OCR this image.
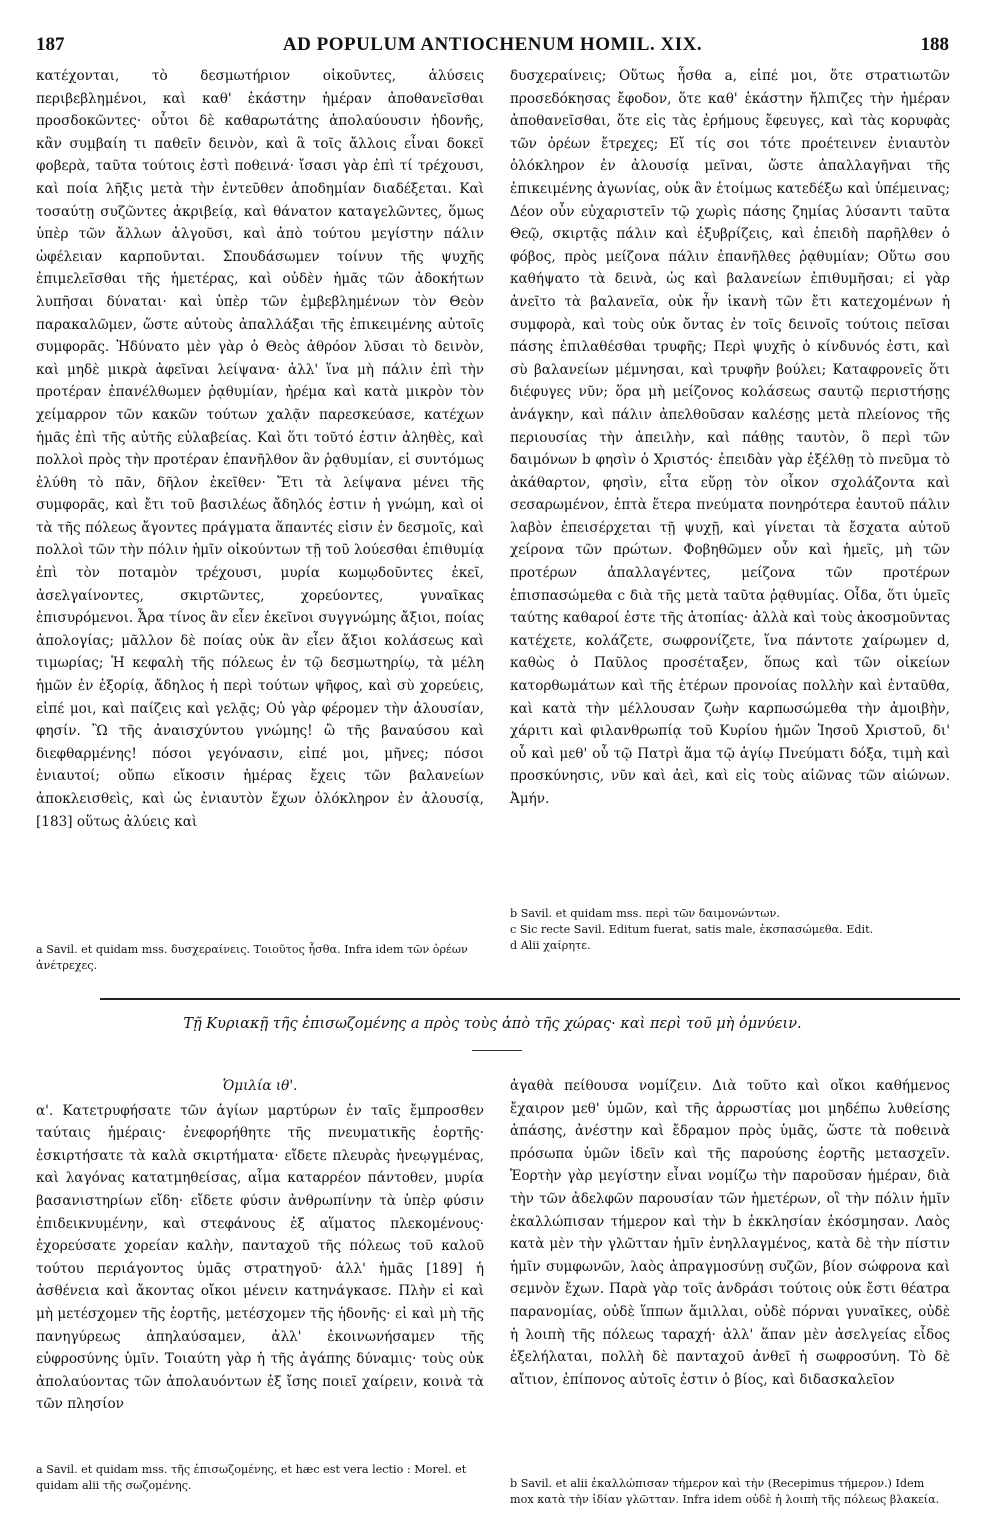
187	AD POPULUM ANTIOCHENUM HOMIL. XIX.	188

κατέχονται, τὸ δεσμωτήριον οἰκοῦντες, ἁλύσεις περιβεβλημένοι, καὶ καθ' ἑκάστην ἡμέραν ἀποθανεῖσθαι προσδοκῶντες· οὗτοι δὲ καθαρωτάτης ἀπολαύουσιν ἡδονῆς, κἂν συμβαίη τι παθεῖν δεινὸν, καὶ ἃ τοῖς ἄλλοις εἶναι δοκεῖ φοβερὰ, ταῦτα τούτοις ἐστὶ ποθεινά· ἴσασι γὰρ ἐπὶ τί τρέχουσι, καὶ ποία λῆξις μετὰ τὴν ἐντεῦθεν ἀποδημίαν διαδέξεται. Καὶ τοσαύτῃ συζῶντες ἀκριβείᾳ, καὶ θάνατον καταγελῶντες, ὅμως ὑπὲρ τῶν ἄλλων ἀλγοῦσι, καὶ ἀπὸ τούτου μεγίστην πάλιν ὠφέλειαν καρποῦνται. Σπουδάσωμεν τοίνυν τῆς ψυχῆς ἐπιμελεῖσθαι τῆς ἡμετέρας, καὶ οὐδὲν ἡμᾶς τῶν ἀδοκήτων λυπῆσαι δύναται· καὶ ὑπὲρ τῶν ἐμβεβλημένων τὸν Θεὸν παρακαλῶμεν, ὥστε αὐτοὺς ἀπαλλάξαι τῆς ἐπικειμένης αὐτοῖς συμφορᾶς. Ἠδύνατο μὲν γὰρ ὁ Θεὸς ἀθρόον λῦσαι τὸ δεινὸν, καὶ μηδὲ μικρὰ ἀφεῖναι λείψανα· ἀλλ' ἵνα μὴ πάλιν ἐπὶ τὴν προτέραν ἐπανέλθωμεν ῥᾳθυμίαν, ἠρέμα καὶ κατὰ μικρὸν τὸν χείμαρρον τῶν κακῶν τούτων χαλᾷν παρεσκεύασε, κατέχων ἡμᾶς ἐπὶ τῆς αὐτῆς εὐλαβείας. Καὶ ὅτι τοῦτό ἐστιν ἀληθὲς, καὶ πολλοὶ πρὸς τὴν προτέραν ἐπανῆλθον ἂν ῥᾳθυμίαν, εἰ συντόμως ἐλύθη τὸ πᾶν, δῆλον ἐκεῖθεν· Ἔτι τὰ λείψανα μένει τῆς συμφορᾶς, καὶ ἔτι τοῦ βασιλέως ἄδηλός ἐστιν ἡ γνώμη, καὶ οἱ τὰ τῆς πόλεως ἄγοντες πράγματα ἅπαντές εἰσιν ἐν δεσμοῖς, καὶ πολλοὶ τῶν τὴν πόλιν ἡμῖν οἰκούντων τῇ τοῦ λούεσθαι ἐπιθυμίᾳ ἐπὶ τὸν ποταμὸν τρέχουσι, μυρία κωμῳδοῦντες ἐκεῖ, ἀσελγαίνοντες, σκιρτῶντες, χορεύοντες, γυναῖκας ἐπισυρόμενοι. Ἆρα τίνος ἂν εἶεν ἐκεῖνοι συγγνώμης ἄξιοι, ποίας ἀπολογίας; μᾶλλον δὲ ποίας οὐκ ἂν εἶεν ἄξιοι κολάσεως καὶ τιμωρίας; Ἡ κεφαλὴ τῆς πόλεως ἐν τῷ δεσμωτηρίῳ, τὰ μέλη ἡμῶν ἐν ἐξορίᾳ, ἄδηλος ἡ περὶ τούτων ψῆφος, καὶ σὺ χορεύεις, εἰπέ μοι, καὶ παίζεις καὶ γελᾷς; Οὐ γὰρ φέρομεν τὴν ἀλουσίαν, φησίν. Ὢ τῆς ἀναισχύντου γνώμης! ὢ τῆς βαναύσου καὶ διεφθαρμένης! πόσοι γεγόνασιν, εἰπέ μοι, μῆνες; πόσοι ἐνιαυτοί; οὔπω εἴκοσιν ἡμέρας ἔχεις τῶν βαλανείων ἀποκλεισθεὶς, καὶ ὡς ἐνιαυτὸν ἔχων ὁλόκληρον ἐν ἀλουσίᾳ, [183] οὕτως ἀλύεις καὶ

a Savil. et quidam mss. δυσχεραίνεις. Τοιοῦτος ἦσθα. Infra idem τῶν ὀρέων ἀνέτρεχες.

δυσχεραίνεις; Οὕτως ἦσθα a, εἰπέ μοι, ὅτε στρατιωτῶν προσεδόκησας ἔφοδον, ὅτε καθ' ἑκάστην ἤλπιζες τὴν ἡμέραν ἀποθανεῖσθαι, ὅτε εἰς τὰς ἐρήμους ἔφευγες, καὶ τὰς κορυφὰς τῶν ὀρέων ἔτρεχες; Εἴ τίς σοι τότε προέτεινεν ἐνιαυτὸν ὁλόκληρον ἐν ἀλουσίᾳ μεῖναι, ὥστε ἀπαλλαγῆναι τῆς ἐπικειμένης ἀγωνίας, οὐκ ἂν ἑτοίμως κατεδέξω καὶ ὑπέμεινας; Δέον οὖν εὐχαριστεῖν τῷ χωρὶς πάσης ζημίας λύσαντι ταῦτα Θεῷ, σκιρτᾷς πάλιν καὶ ἐξυβρίζεις, καὶ ἐπειδὴ παρῆλθεν ὁ φόβος, πρὸς μείζονα πάλιν ἐπανῆλθες ῥᾳθυμίαν; Οὕτω σου καθήψατο τὰ δεινὰ, ὡς καὶ βαλανείων ἐπιθυμῆσαι; εἰ γὰρ ἀνεῖτο τὰ βαλανεῖα, οὐκ ἦν ἱκανὴ τῶν ἔτι κατεχομένων ἡ συμφορὰ, καὶ τοὺς οὐκ ὄντας ἐν τοῖς δεινοῖς τούτοις πεῖσαι πάσης ἐπιλαθέσθαι τρυφῆς; Περὶ ψυχῆς ὁ κίνδυνός ἐστι, καὶ σὺ βαλανείων μέμνησαι, καὶ τρυφῆν βούλει; Καταφρονεῖς ὅτι διέφυγες νῦν; ὅρα μὴ μείζονος κολάσεως σαυτῷ περιστήσῃς ἀνάγκην, καὶ πάλιν ἀπελθοῦσαν καλέσῃς μετὰ πλείονος τῆς περιουσίας τὴν ἀπειλὴν, καὶ πάθῃς ταυτὸν, ὃ περὶ τῶν δαιμόνων b φησὶν ὁ Χριστός· ἐπειδὰν γὰρ ἐξέλθῃ τὸ πνεῦμα τὸ ἀκάθαρτον, φησὶν, εἶτα εὕρῃ τὸν οἶκον σχολάζοντα καὶ σεσαρωμένον, ἑπτὰ ἕτερα πνεύματα πονηρότερα ἑαυτοῦ πάλιν λαβὸν ἐπεισέρχεται τῇ ψυχῇ, καὶ γίνεται τὰ ἔσχατα αὐτοῦ χείρονα τῶν πρώτων. Φοβηθῶμεν οὖν καὶ ἡμεῖς, μὴ τῶν προτέρων ἀπαλλαγέντες, μείζονα τῶν προτέρων ἐπισπασώμεθα c διὰ τῆς μετὰ ταῦτα ῥᾳθυμίας. Οἶδα, ὅτι ὑμεῖς ταύτης καθαροί ἐστε τῆς ἀτοπίας· ἀλλὰ καὶ τοὺς ἀκοσμοῦντας κατέχετε, κολάζετε, σωφρονίζετε, ἵνα πάντοτε χαίρωμεν d, καθὼς ὁ Παῦλος προσέταξεν, ὅπως καὶ τῶν οἰκείων κατορθωμάτων καὶ τῆς ἑτέρων προνοίας πολλὴν καὶ ἐνταῦθα, καὶ κατὰ τὴν μέλλουσαν ζωὴν καρπωσώμεθα τὴν ἀμοιβὴν, χάριτι καὶ φιλανθρωπίᾳ τοῦ Κυρίου ἡμῶν Ἰησοῦ Χριστοῦ, δι' οὗ καὶ μεθ' οὗ τῷ Πατρὶ ἅμα τῷ ἁγίῳ Πνεύματι δόξα, τιμὴ καὶ προσκύνησις, νῦν καὶ ἀεὶ, καὶ εἰς τοὺς αἰῶνας τῶν αἰώνων. Ἀμήν.

b Savil. et quidam mss. περὶ τῶν δαιμονώντων.
c Sic recte Savil. Editum fuerat, satis male, ἐκσπασώμεθα. Edit.
d Alii χαίρητε.
Τῇ Κυριακῇ τῆς ἐπισωζομένης a πρὸς τοὺς ἀπὸ τῆς χώρας· καὶ περὶ τοῦ μὴ ὀμνύειν.
Ὁμιλία ιθ'.

α'. Κατετρυφήσατε τῶν ἁγίων μαρτύρων ἐν ταῖς ἔμπροσθεν ταύταις ἡμέραις· ἐνεφορήθητε τῆς πνευματικῆς ἑορτῆς· ἐσκιρτήσατε τὰ καλὰ σκιρτήματα· εἴδετε πλευρὰς ἠνεῳγμένας, καὶ λαγόνας κατατμηθείσας, αἷμα καταρρέον πάντοθεν, μυρία βασανιστηρίων εἴδη· εἴδετε φύσιν ἀνθρωπίνην τὰ ὑπὲρ φύσιν ἐπιδεικνυμένην, καὶ στεφάνους ἐξ αἵματος πλεκομένους· ἐχορεύσατε χορείαν καλὴν, πανταχοῦ τῆς πόλεως τοῦ καλοῦ τούτου περιάγοντος ὑμᾶς στρατηγοῦ· ἀλλ' ἡμᾶς [189] ἡ ἀσθένεια καὶ ἄκοντας οἴκοι μένειν κατηνάγκασε. Πλὴν εἰ καὶ μὴ μετέσχομεν τῆς ἑορτῆς, μετέσχομεν τῆς ἡδονῆς· εἰ καὶ μὴ τῆς πανηγύρεως ἀπηλαύσαμεν, ἀλλ' ἐκοινωνήσαμεν τῆς εὐφροσύνης ὑμῖν. Τοιαύτη γὰρ ἡ τῆς ἀγάπης δύναμις· τοὺς οὐκ ἀπολαύοντας τῶν ἀπολαυόντων ἐξ ἴσης ποιεῖ χαίρειν, κοινὰ τὰ τῶν πλησίον

a Savil. et quidam mss. τῆς ἐπισωζομένης, et hæc est vera lectio : Morel. et quidam alii τῆς σωζομένης.

ἀγαθὰ πείθουσα νομίζειν. Διὰ τοῦτο καὶ οἴκοι καθήμενος ἔχαιρον μεθ' ὑμῶν, καὶ τῆς ἀρρωστίας μοι μηδέπω λυθείσης ἁπάσης, ἀνέστην καὶ ἔδραμον πρὸς ὑμᾶς, ὥστε τὰ ποθεινὰ πρόσωπα ὑμῶν ἰδεῖν καὶ τῆς παρούσης ἑορτῆς μετασχεῖν. Ἑορτὴν γὰρ μεγίστην εἶναι νομίζω τὴν παροῦσαν ἡμέραν, διὰ τὴν τῶν ἀδελφῶν παρουσίαν τῶν ἡμετέρων, οἳ τὴν πόλιν ἡμῖν ἐκαλλώπισαν τήμερον καὶ τὴν b ἐκκλησίαν ἐκόσμησαν. Λαὸς κατὰ μὲν τὴν γλῶτταν ἡμῖν ἐνηλλαγμένος, κατὰ δὲ τὴν πίστιν ἡμῖν συμφωνῶν, λαὸς ἀπραγμοσύνῃ συζῶν, βίον σώφρονα καὶ σεμνὸν ἔχων. Παρὰ γὰρ τοῖς ἀνδράσι τούτοις οὐκ ἔστι θέατρα παρανομίας, οὐδὲ ἵππων ἅμιλλαι, οὐδὲ πόρναι γυναῖκες, οὐδὲ ἡ λοιπὴ τῆς πόλεως ταραχή· ἀλλ' ἅπαν μὲν ἀσελγείας εἶδος ἐξελήλαται, πολλὴ δὲ πανταχοῦ ἀνθεῖ ἡ σωφροσύνη. Τὸ δὲ αἴτιον, ἐπίπονος αὐτοῖς ἐστιν ὁ βίος, καὶ διδασκαλεῖον

b Savil. et alii ἐκαλλώπισαν τήμερον καὶ τὴν (Recepimus τήμερον.) Idem mox κατὰ τὴν ἰδίαν γλῶτταν. Infra idem οὐδὲ ἡ λοιπὴ τῆς πόλεως βλακεία.
